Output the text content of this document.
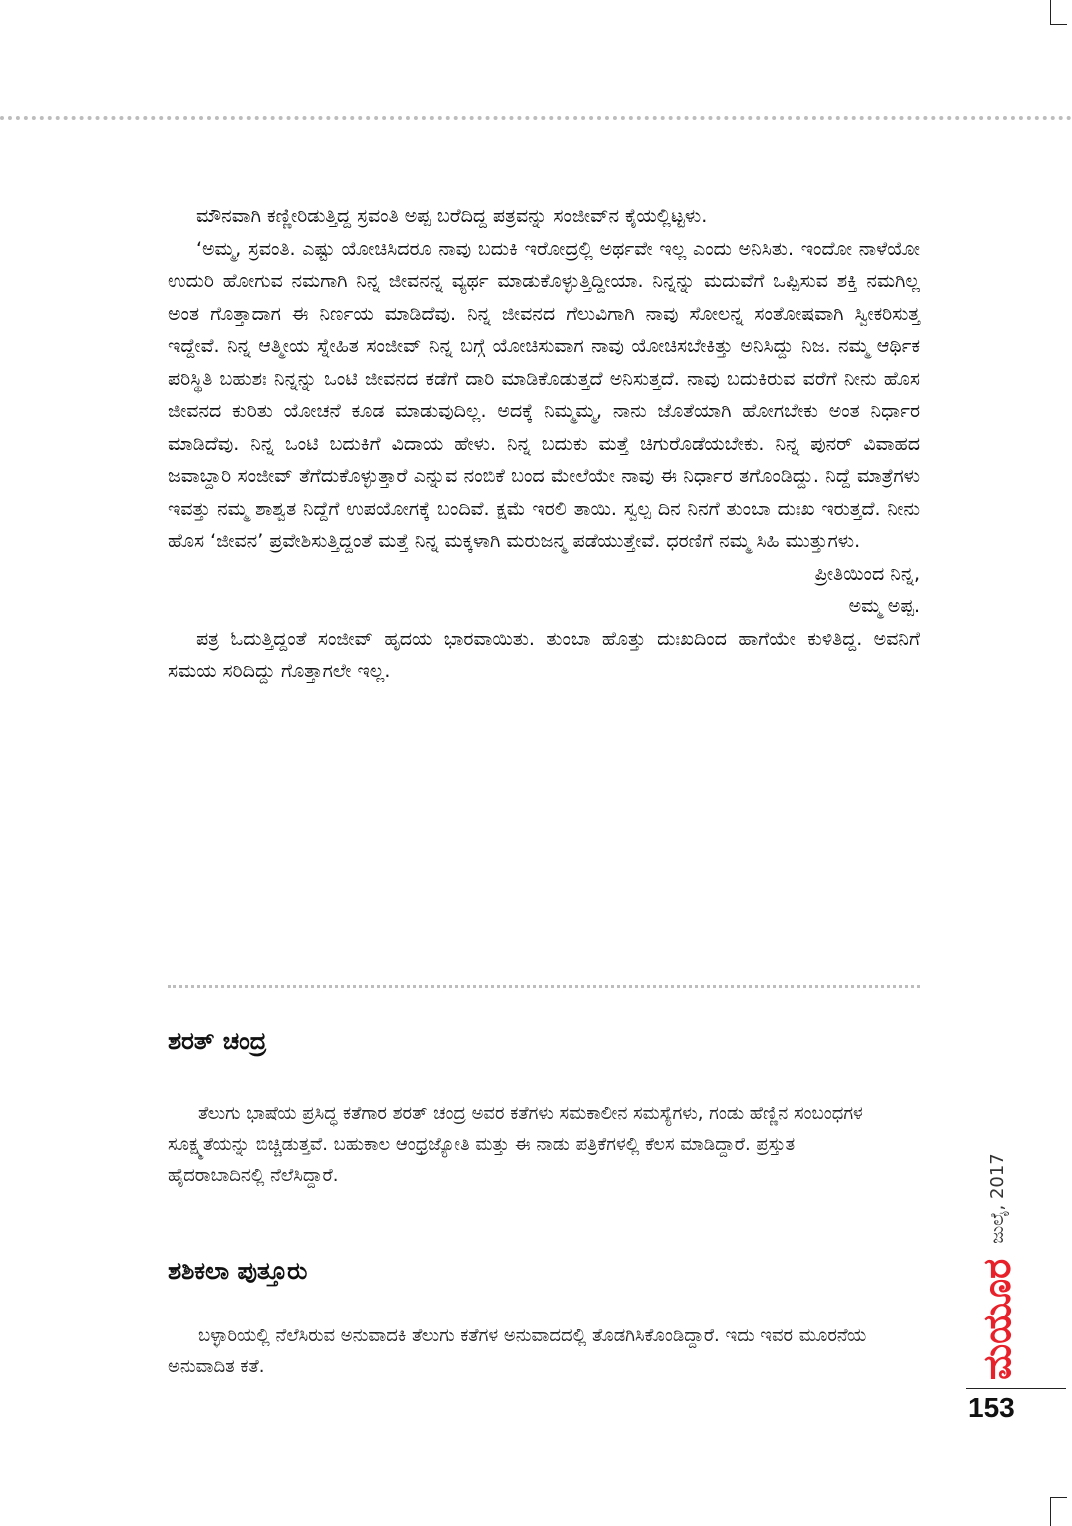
ಮೌನವಾಗಿ ಕಣ್ಣೀರಿಡುತ್ತಿದ್ದ ಸ್ರವಂತಿ ಅಪ್ಪ ಬರೆದಿದ್ದ ಪತ್ರವನ್ನು ಸಂಜೀವ್‌ನ ಕೈಯಲ್ಲಿಟ್ಟಳು.

‘ಅಮ್ಮ, ಸ್ರವಂತಿ. ಎಷ್ಟು ಯೋಚಿಸಿದರೂ ನಾವು ಬದುಕಿ ಇರೋದ್ರಲ್ಲಿ ಅರ್ಥವೇ ಇಲ್ಲ ಎಂದು ಅನಿಸಿತು. ಇಂದೋ ನಾಳೆಯೋ ಉದುರಿ ಹೋಗುವ ನಮಗಾಗಿ ನಿನ್ನ ಜೀವನನ್ನ ವ್ಯರ್ಥ ಮಾಡುಕೊಳ್ಳುತ್ತಿದ್ದೀಯಾ. ನಿನ್ನನ್ನು ಮದುವೆಗೆ ಒಪ್ಪಿಸುವ ಶಕ್ತಿ ನಮಗಿಲ್ಲ ಅಂತ ಗೊತ್ತಾದಾಗ ಈ ನಿರ್ಣಯ ಮಾಡಿದೆವು. ನಿನ್ನ ಜೀವನದ ಗೆಲುವಿಗಾಗಿ ನಾವು ಸೋಲನ್ನ ಸಂತೋಷವಾಗಿ ಸ್ವೀಕರಿಸುತ್ತ ಇದ್ದೇವೆ. ನಿನ್ನ ಆತ್ಮೀಯ ಸ್ನೇಹಿತ ಸಂಜೀವ್ ನಿನ್ನ ಬಗ್ಗೆ ಯೋಚಿಸುವಾಗ ನಾವು ಯೋಚಿಸಬೇಕಿತ್ತು ಅನಿಸಿದ್ದು ನಿಜ. ನಮ್ಮ ಆರ್ಥಿಕ ಪರಿಸ್ಥಿತಿ ಬಹುಶಃ ನಿನ್ನನ್ನು ಒಂಟಿ ಜೀವನದ ಕಡೆಗೆ ದಾರಿ ಮಾಡಿಕೊಡುತ್ತದೆ ಅನಿಸುತ್ತದೆ. ನಾವು ಬದುಕಿರುವ ವರೆಗೆ ನೀನು ಹೊಸ ಜೀವನದ ಕುರಿತು ಯೋಚನೆ ಕೂಡ ಮಾಡುವುದಿಲ್ಲ. ಅದಕ್ಕೆ ನಿಮ್ಮಮ್ಮ, ನಾನು ಜೊತೆಯಾಗಿ ಹೋಗಬೇಕು ಅಂತ ನಿರ್ಧಾರ ಮಾಡಿದೆವು. ನಿನ್ನ ಒಂಟಿ ಬದುಕಿಗೆ ವಿದಾಯ ಹೇಳು. ನಿನ್ನ ಬದುಕು ಮತ್ತೆ ಚಿಗುರೊಡೆಯಬೇಕು. ನಿನ್ನ ಪುನರ್ ವಿವಾಹದ ಜವಾಬ್ದಾರಿ ಸಂಜೀವ್ ತೆಗೆದುಕೊಳ್ಳುತ್ತಾರೆ ಎನ್ನುವ ನಂಬಿಕೆ ಬಂದ ಮೇಲೆಯೇ ನಾವು ಈ ನಿರ್ಧಾರ ತಗೊಂಡಿದ್ದು. ನಿದ್ದೆ ಮಾತ್ರೆಗಳು ಇವತ್ತು ನಮ್ಮ ಶಾಶ್ವತ ನಿದ್ದೆಗೆ ಉಪಯೋಗಕ್ಕೆ ಬಂದಿವೆ. ಕ್ಷಮೆ ಇರಲಿ ತಾಯಿ. ಸ್ವಲ್ಪ ದಿನ ನಿನಗೆ ತುಂಬಾ ದುಃಖ ಇರುತ್ತದೆ. ನೀನು ಹೊಸ ‘ಜೀವನ’ ಪ್ರವೇಶಿಸುತ್ತಿದ್ದಂತೆ ಮತ್ತೆ ನಿನ್ನ ಮಕ್ಕಳಾಗಿ ಮರುಜನ್ಮ ಪಡೆಯುತ್ತೇವೆ. ಧರಣಿಗೆ ನಮ್ಮ ಸಿಹಿ ಮುತ್ತುಗಳು.

ಪ್ರೀತಿಯಿಂದ ನಿನ್ನ,

ಅಮ್ಮ ಅಪ್ಪ.

ಪತ್ರ ಓದುತ್ತಿದ್ದಂತೆ ಸಂಜೀವ್ ಹೃದಯ ಭಾರವಾಯಿತು. ತುಂಬಾ ಹೊತ್ತು ದುಃಖದಿಂದ ಹಾಗೆಯೇ ಕುಳಿತಿದ್ದ. ಅವನಿಗೆ ಸಮಯ ಸರಿದಿದ್ದು ಗೊತ್ತಾಗಲೇ ಇಲ್ಲ.

ಶರತ್ ಚಂದ್ರ

ತೆಲುಗು ಭಾಷೆಯ ಪ್ರಸಿದ್ಧ ಕತೆಗಾರ ಶರತ್ ಚಂದ್ರ ಅವರ ಕತೆಗಳು ಸಮಕಾಲೀನ ಸಮಸ್ಯೆಗಳು, ಗಂಡು ಹೆಣ್ಣಿನ ಸಂಬಂಧಗಳ ಸೂಕ್ಷ್ಮತೆಯನ್ನು ಬಿಚ್ಚಿಡುತ್ತವೆ. ಬಹುಕಾಲ ಆಂಧ್ರಜ್ಯೋತಿ ಮತ್ತು ಈ ನಾಡು ಪತ್ರಿಕೆಗಳಲ್ಲಿ ಕೆಲಸ ಮಾಡಿದ್ದಾರೆ. ಪ್ರಸ್ತುತ ಹೈದರಾಬಾದಿನಲ್ಲಿ ನೆಲೆಸಿದ್ದಾರೆ.

ಶಶಿಕಲಾ ಪುತ್ತೂರು

ಬಳ್ಳಾರಿಯಲ್ಲಿ ನೆಲೆಸಿರುವ ಅನುವಾದಕಿ ತೆಲುಗು ಕತೆಗಳ ಅನುವಾದದಲ್ಲಿ ತೊಡಗಿಸಿಕೊಂಡಿದ್ದಾರೆ. ಇದು ಇವರ ಮೂರನೆಯ ಅನುವಾದಿತ ಕತೆ.	ಮಯೂರ ಜುಲೈ, 2017

153
